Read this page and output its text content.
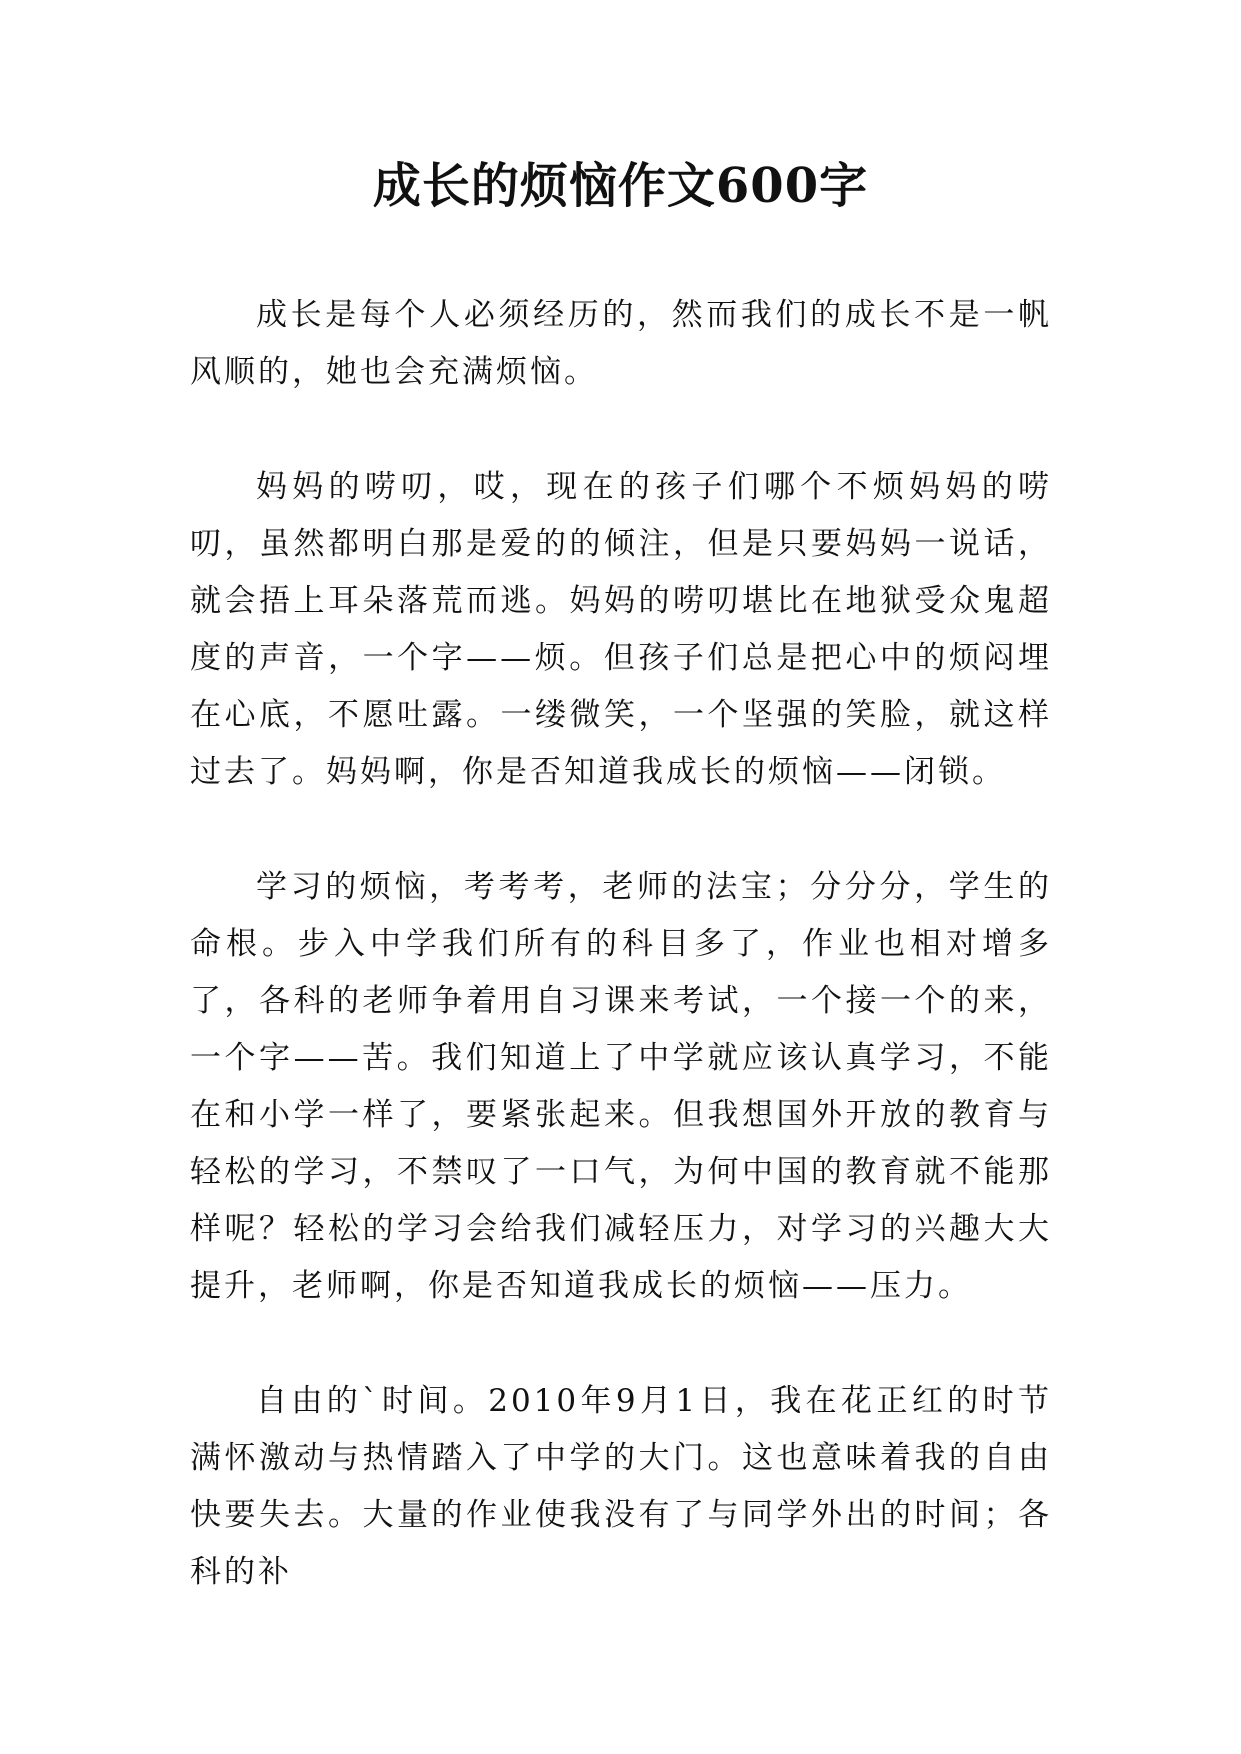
成长的烦恼作文600字

成长是每个人必须经历的，然而我们的成长不是一帆风顺的，她也会充满烦恼。

妈妈的唠叨，哎，现在的孩子们哪个不烦妈妈的唠叨，虽然都明白那是爱的的倾注，但是只要妈妈一说话，就会捂上耳朵落荒而逃。妈妈的唠叨堪比在地狱受众鬼超度的声音，一个字——烦。但孩子们总是把心中的烦闷埋在心底，不愿吐露。一缕微笑，一个坚强的笑脸，就这样过去了。妈妈啊，你是否知道我成长的烦恼——闭锁。

学习的烦恼，考考考，老师的法宝；分分分，学生的命根。步入中学我们所有的科目多了，作业也相对增多了，各科的老师争着用自习课来考试，一个接一个的来，一个字——苦。我们知道上了中学就应该认真学习，不能在和小学一样了，要紧张起来。但我想国外开放的教育与轻松的学习，不禁叹了一口气，为何中国的教育就不能那样呢？轻松的学习会给我们减轻压力，对学习的兴趣大大提升，老师啊，你是否知道我成长的烦恼——压力。

自由的`时间。2010年9月1日，我在花正红的时节满怀激动与热情踏入了中学的大门。这也意味着我的自由快要失去。大量的作业使我没有了与同学外出的时间；各科的补
